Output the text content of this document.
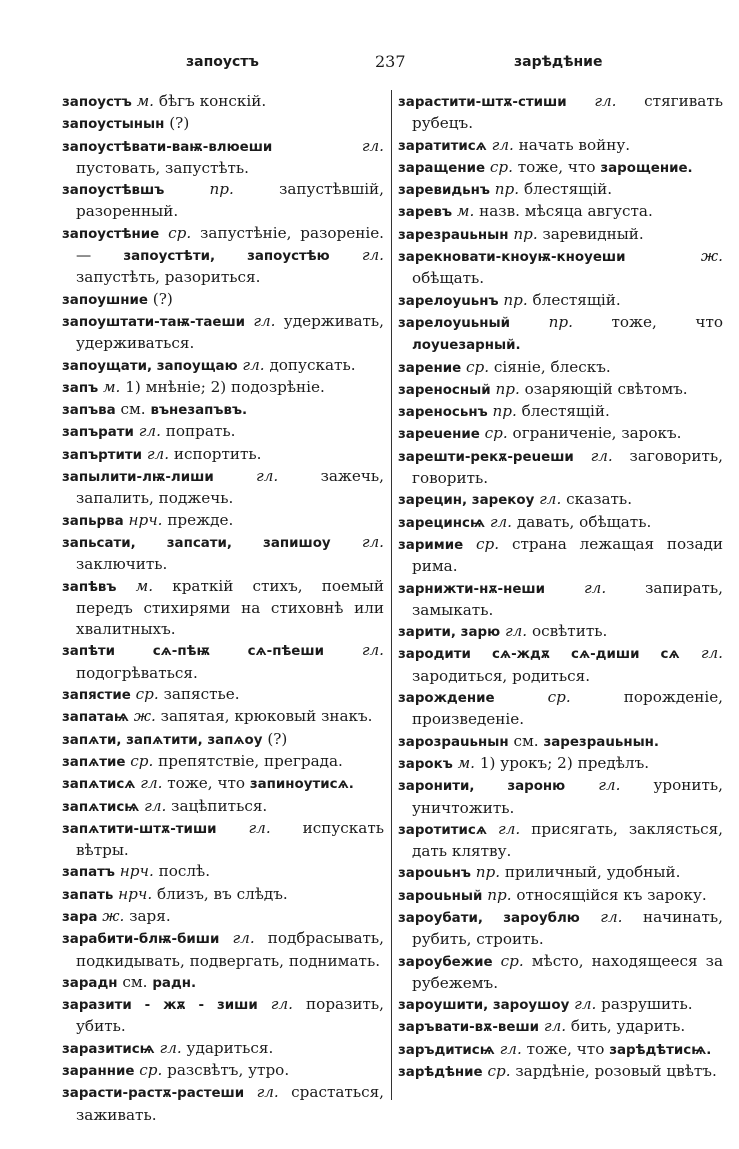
запоустъ	237	зарѣдѣние

запоустъ м. бѣгъ конскій.

запоустынын (?)

запоустѣвати-ваѭ-влюеши	гл. пустовать, запустѣть.

запоустѣвшъ	пр.	запустѣвшій, разоренный.

запоустѣние ср. запустѣніе, разореніе.— запоустѣти, запоустѣю гл. запустѣть, разориться.

запоушние (?)

запоуштати-таѭ-таеши гл. удерживать, удерживаться.

запоущати, запоущаю гл. допускать.

запъ м. 1) мнѣніе; 2) подозрѣніе.

запъва см. вънезапъвъ.

запърати гл. попрать.

запъртити гл. испортить.

запылити-лѭ-лиши	гл.	зажечь, запалить, поджечь.

запьрва нрч. прежде.

запьсати, запсати, запишоу гл. заключить.

запѣвъ м. краткій стихъ, поемый передъ стихирями на стиховнѣ или хвалитныхъ.

запѣти сѧ-пѣѭ сѧ-пѣеши гл. подогрѣваться.

запястие ср. запястье.

запатаѩ ж. запятая, крюковый знакъ.

запѧти, запѧтити, запѧоу (?)

запѧтие ср. препятствіе, преграда.

запѧтисѧ гл. тоже, что запиноутисѧ.

запѧтисѩ гл. зацѣпиться.

запѧтити-штѫ-тиши гл. испускать вѣтры.

запатъ нрч. послѣ.

запать нрч. близъ, въ слѣдъ.

зара ж. заря.

зарабити-блѭ-биши гл. подбрасывать, подкидывать, подвергать, поднимать.

зарадн см. радн.

заразити - жѫ - зиши гл. поразить, убить.

заразитисѩ гл. удариться.

заранние ср. разсвѣтъ, утро.

зарасти-растѫ-растеши гл. срастаться, заживать.

зарастити-штѫ-стиши гл. стягивать рубецъ.

заратитисѧ гл. начать войну.

заращение ср. тоже, что зарощение.

заревидьнъ пр. блестящій.

заревъ м. назв. мѣсяца августа.

зарезраuьнын пр. заревидный.

зарекновати-кноуѭ-кноуеши	ж. обѣщать.

зарелоуuьнъ пр. блестящій.

зарелоуuьный	пр.	тоже, что лоуuезарный.

зарение ср. сіяніе, блескъ.

зареносный пр. озаряющій свѣтомъ.

зареносьнъ пр. блестящій.

зареuение ср. ограниченіе, зарокъ.

зарешти-рекѫ-реuеши гл. заговорить, говорить.

зарецин, зарекоу гл. сказать.

зарецинсѩ гл. давать, обѣщать.

заримие ср. страна лежащая позади рима.

зарнижти-нѫ-неши	гл.	запирать, замыкать.

зарити, зарю гл. освѣтить.

зародити сѧ-ждѫ сѧ-диши сѧ гл. зародиться, родиться.

зарождение	ср.	порожденіе, произведеніе.

зарозраuьнын см. зарезраuьнын.

зарокъ м. 1) урокъ; 2) предѣлъ.

заронити, зароню гл. уронить, уничтожить.

заротитисѧ гл. присягать, заклясться, дать клятву.

зароuьнъ пр. приличный, удобный.

зароuьный пр. относящійся къ зароку.

зароубати, зароублю гл. начинать, рубить, строить.

зароубежие ср. мѣсто, находящееся за рубежемъ.

зароушити, зароушоу гл. разрушить.

заръвати-вѫ-веши гл. бить, ударить.

заръдитисѩ гл. тоже, что зарѣдѣтисѩ.

зарѣдѣние ср. зардѣніе, розовый цвѣтъ.
